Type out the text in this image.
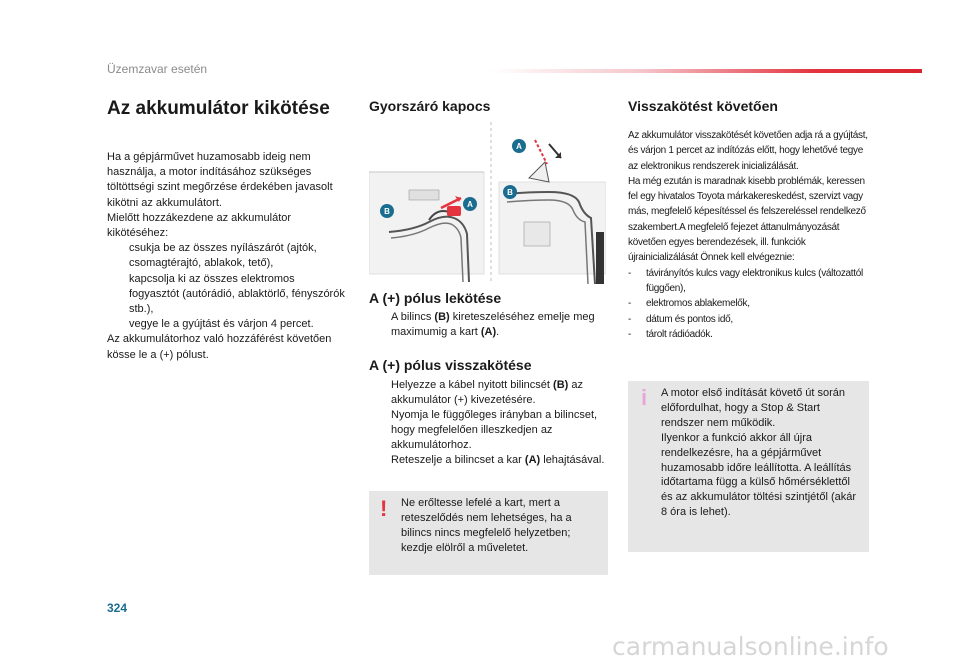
Üzemzavar esetén
Az akkumulátor kikötése

Ha a gépjárművet huzamosabb ideig nem használja, a motor indításához szükséges töltöttségi szint megőrzése érdekében javasolt kikötni az akkumulátort.

Mielőtt hozzákezdene az akkumulátor kikötéséhez:

csukja be az összes nyílászárót (ajtók, csomagtérajtó, ablakok, tető),
kapcsolja ki az összes elektromos fogyasztót (autórádió, ablaktörlő, fényszórók stb.),
vegye le a gyújtást és várjon 4 percet.

Az akkumulátorhoz való hozzáférést követően kösse le a (+) pólust.

Gyorszáró kapocs
B
A
A
B
A (+) pólus lekötése
A bilincs (B) kireteszeléséhez emelje meg maximumig a kart (A).
A (+) pólus visszakötése
Helyezze a kábel nyitott bilincsét (B) az akkumulátor (+) kivezetésére.
Nyomja le függőleges irányban a bilincset, hogy megfelelően illeszkedjen az akkumulátorhoz.
Reteszelje a bilincset a kar (A) lehajtásával.
! Ne erőltesse lefelé a kart, mert a reteszelődés nem lehetséges, ha a bilincs nincs megfelelő helyzetben; kezdje elölről a műveletet.
Visszakötést követően

Az akkumulátor visszakötését követően adja rá a gyújtást, és várjon 1 percet az indítózás előtt, hogy lehetővé tegye az elektronikus rendszerek inicializálását.

Ha még ezután is maradnak kisebb problémák, keressen fel egy hivatalos Toyota márkakereskedést, szervizt vagy más, megfelelő képesítéssel és felszereléssel rendelkező szakembert.A megfelelő fejezet áttanulmányozását követően egyes berendezések, ill. funkciók újrainicializálását Önnek kell elvégeznie:

-	távirányítós kulcs vagy elektronikus kulcs (változattól függően),
-	elektromos ablakemelők,
-	dátum és pontos idő,
-	tárolt rádióadók.
i A motor első indítását követő út során előfordulhat, hogy a Stop & Start rendszer nem működik.
Ilyenkor a funkció akkor áll újra rendelkezésre, ha a gépjárművet huzamosabb időre leállította. A leállítás időtartama függ a külső hőmérséklettől és az akkumulátor töltési szintjétől (akár 8 óra is lehet).
324
carmanualsonline.info
